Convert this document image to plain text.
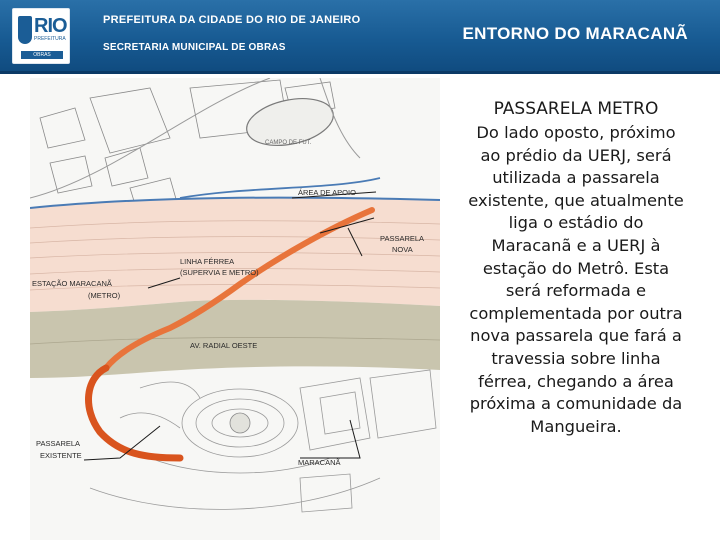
RIO
PREFEITURA
OBRAS
PREFEITURA DA CIDADE DO RIO DE JANEIRO
SECRETARIA MUNICIPAL DE OBRAS
ENTORNO DO MARACANÃ
CAMPO DE FUT.
ÁREA DE APOIO
PASSARELA
NOVA
LINHA FÉRREA
(SUPERVIA E METRO)
ESTAÇÃO MARACANÃ
(METRO)
AV. RADIAL OESTE
PASSARELA
EXISTENTE
MARACANÃ
PASSARELA METRO
Do lado oposto, próximo
ao prédio da UERJ, será
utilizada a passarela
existente, que atualmente
liga o estádio do
Maracanã e a UERJ à
estação do Metrô. Esta
será reformada e
complementada por outra
nova passarela que fará a
travessia sobre linha
férrea, chegando a área
próxima a comunidade da
Mangueira.
